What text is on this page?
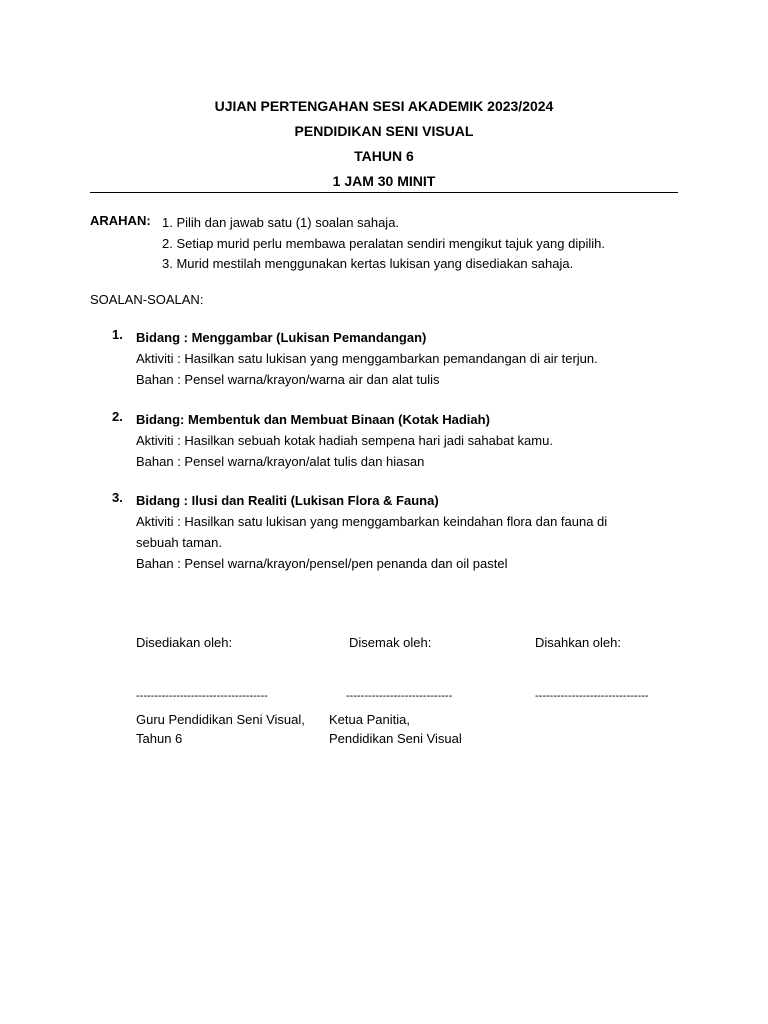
UJIAN PERTENGAHAN SESI AKADEMIK 2023/2024
PENDIDIKAN SENI VISUAL
TAHUN 6
1 JAM 30 MINIT
ARAHAN: 1. Pilih dan jawab satu (1) soalan sahaja.
2. Setiap murid perlu membawa peralatan sendiri mengikut tajuk yang dipilih.
3. Murid mestilah menggunakan kertas lukisan yang disediakan sahaja.
SOALAN-SOALAN:
1. Bidang : Menggambar (Lukisan Pemandangan)
Aktiviti : Hasilkan satu lukisan yang menggambarkan pemandangan di air terjun.
Bahan : Pensel warna/krayon/warna air dan alat tulis
2. Bidang: Membentuk dan Membuat Binaan (Kotak Hadiah)
Aktiviti : Hasilkan sebuah kotak hadiah sempena hari jadi sahabat kamu.
Bahan : Pensel warna/krayon/alat tulis dan hiasan
3. Bidang : Ilusi dan Realiti (Lukisan Flora & Fauna)
Aktiviti : Hasilkan satu lukisan yang menggambarkan keindahan flora dan fauna di
sebuah taman.
Bahan : Pensel warna/krayon/pensel/pen penanda dan oil pastel
Disediakan oleh:	Disemak oleh:	Disahkan oleh:
------------------------------------	-----------------------------	-------------------------------
Guru Pendidikan Seni Visual,
Tahun 6
Ketua Panitia,
Pendidikan Seni Visual
